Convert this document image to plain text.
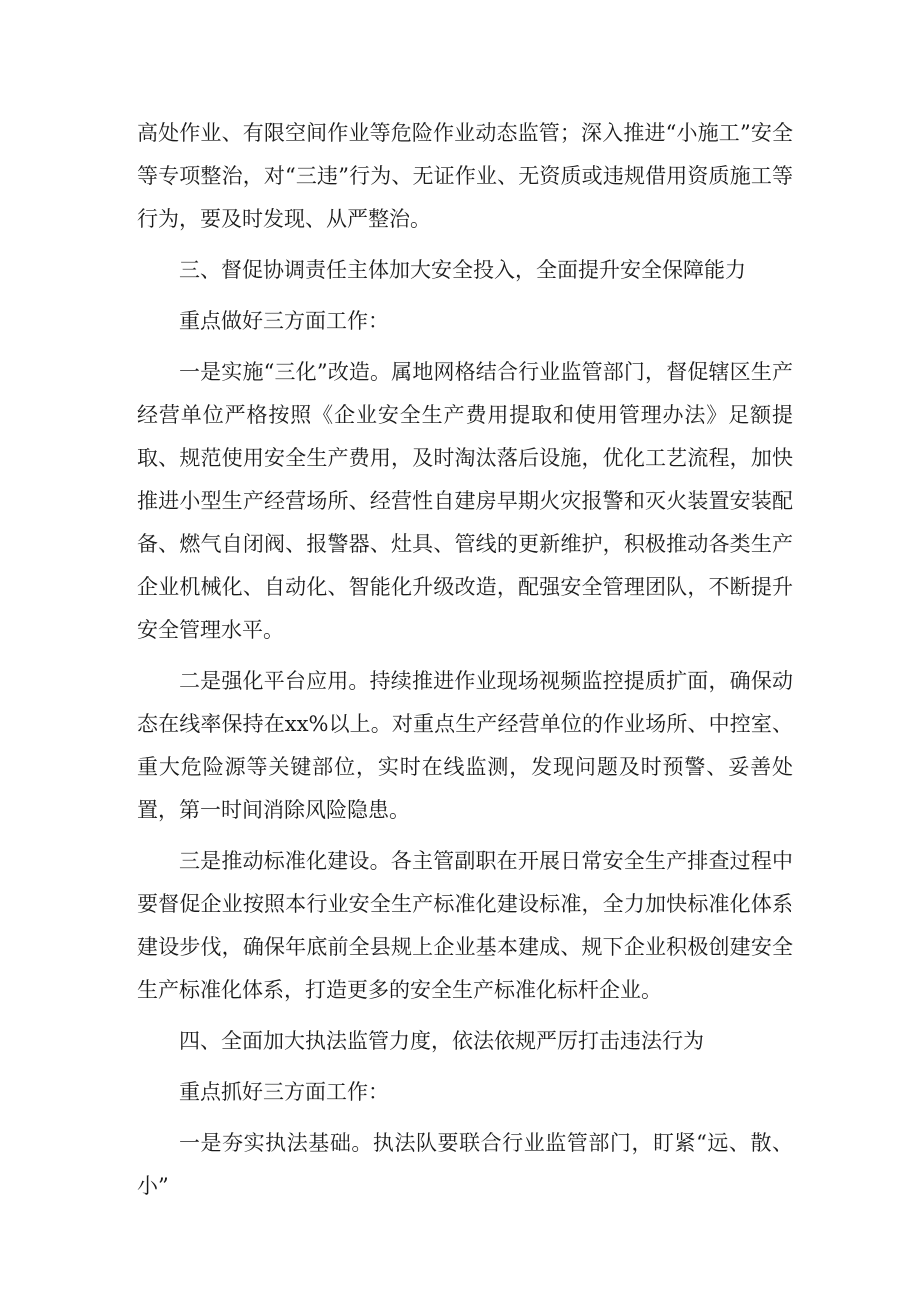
高处作业、有限空间作业等危险作业动态监管；深入推进“小施工”安全等专项整治，对“三违”行为、无证作业、无资质或违规借用资质施工等行为，要及时发现、从严整治。

三、督促协调责任主体加大安全投入，全面提升安全保障能力

重点做好三方面工作：

一是实施“三化”改造。属地网格结合行业监管部门，督促辖区生产经营单位严格按照《企业安全生产费用提取和使用管理办法》足额提取、规范使用安全生产费用，及时淘汰落后设施，优化工艺流程，加快推进小型生产经营场所、经营性自建房早期火灾报警和灭火装置安装配备、燃气自闭阀、报警器、灶具、管线的更新维护，积极推动各类生产企业机械化、自动化、智能化升级改造，配强安全管理团队，不断提升安全管理水平。

二是强化平台应用。持续推进作业现场视频监控提质扩面，确保动态在线率保持在xx%以上。对重点生产经营单位的作业场所、中控室、重大危险源等关键部位，实时在线监测，发现问题及时预警、妥善处置，第一时间消除风险隐患。

三是推动标准化建设。各主管副职在开展日常安全生产排查过程中要督促企业按照本行业安全生产标准化建设标准，全力加快标准化体系建设步伐，确保年底前全县规上企业基本建成、规下企业积极创建安全生产标准化体系，打造更多的安全生产标准化标杆企业。

四、全面加大执法监管力度，依法依规严厉打击违法行为

重点抓好三方面工作：

一是夯实执法基础。执法队要联合行业监管部门，盯紧“远、散、小”
